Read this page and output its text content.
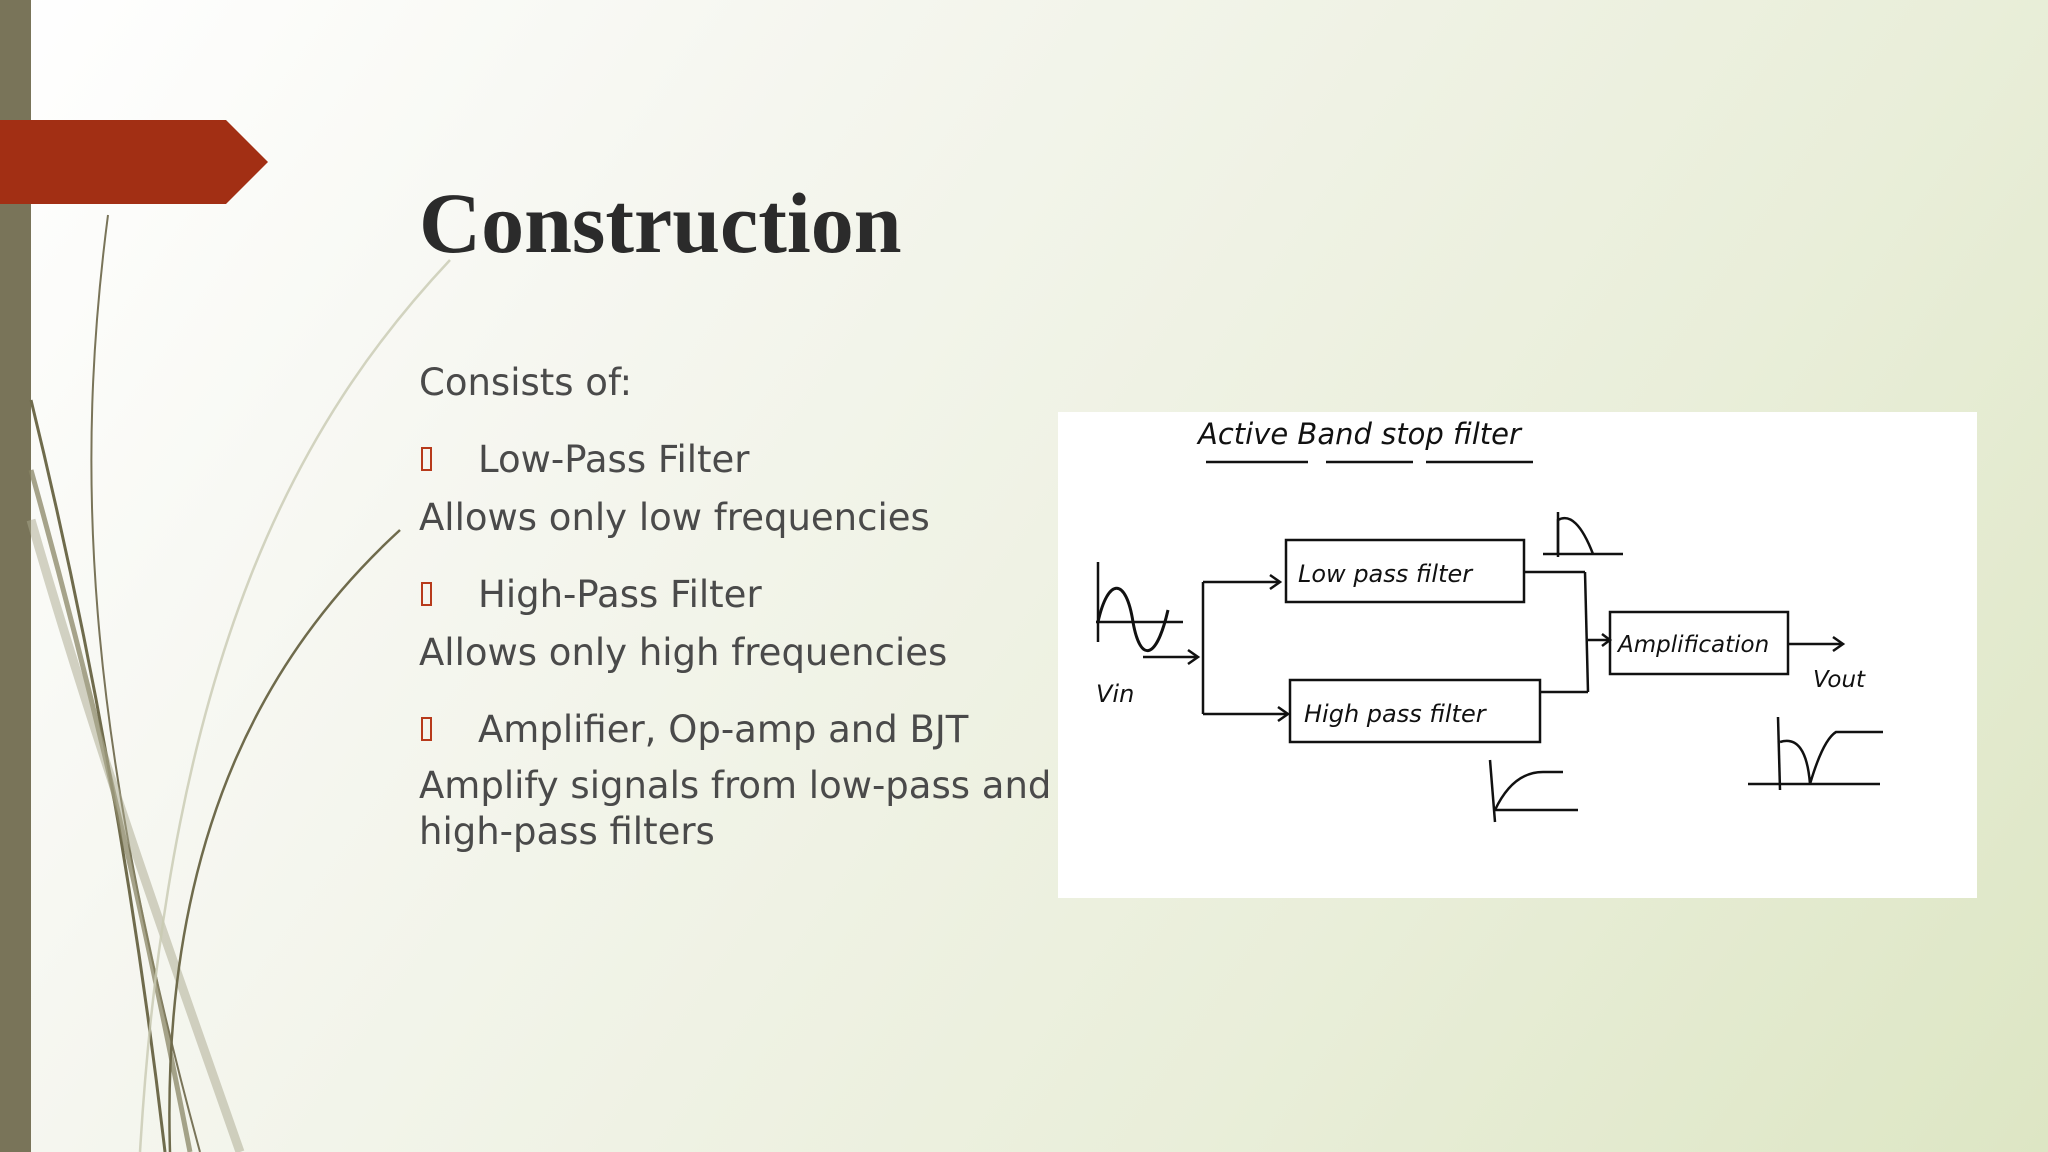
Construction
Consists of:
Low-Pass Filter
Allows only low frequencies
High-Pass Filter
Allows only high frequencies
Amplifier, Op-amp and BJT
Amplify signals from low-pass and high-pass filters
Active Band stop filter
Vin
Low pass filter
High pass filter
Amplification
Vout
